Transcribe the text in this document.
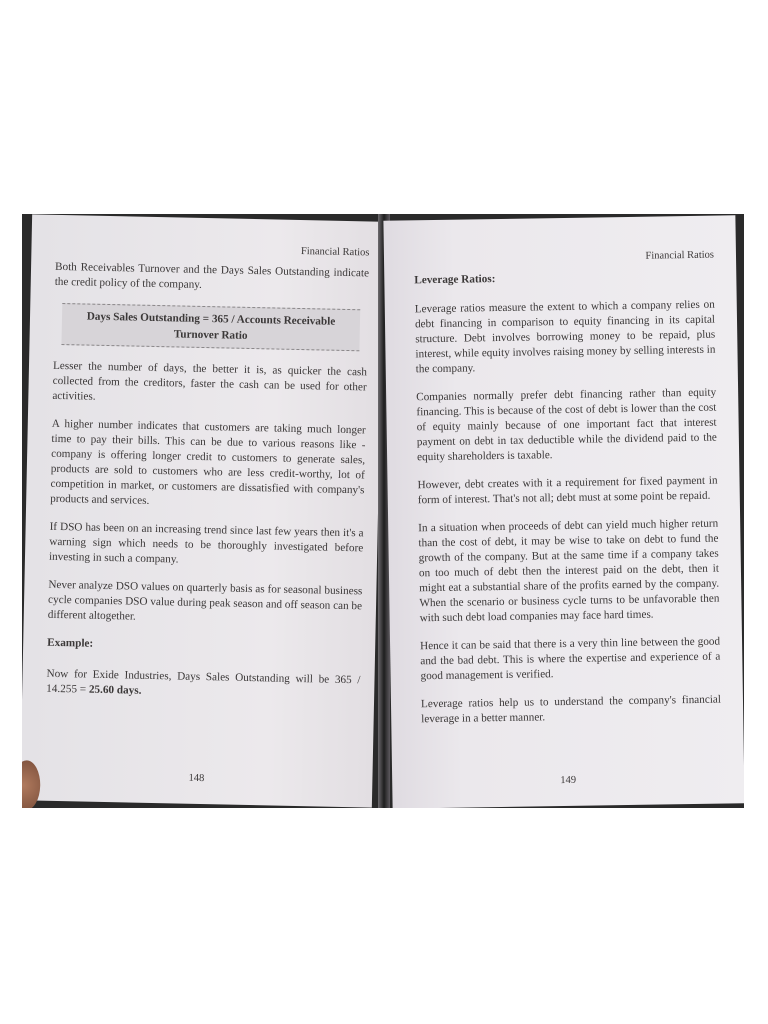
Financial Ratios

Both Receivables Turnover and the Days Sales Outstanding indicate the credit policy of the company.

Days Sales Outstanding = 365 / Accounts Receivable Turnover Ratio

Lesser the number of days, the better it is, as quicker the cash collected from the creditors, faster the cash can be used for other activities.

A higher number indicates that customers are taking much longer time to pay their bills. This can be due to various reasons like - company is offering longer credit to customers to generate sales, products are sold to customers who are less credit-worthy, lot of competition in market, or customers are dissatisfied with company's products and services.

If DSO has been on an increasing trend since last few years then it's a warning sign which needs to be thoroughly investigated before investing in such a company.

Never analyze DSO values on quarterly basis as for seasonal business cycle companies DSO value during peak season and off season can be different altogether.

Example:

Now for Exide Industries, Days Sales Outstanding will be 365 / 14.255 = 25.60 days.

148
Financial Ratios
Leverage Ratios:

Leverage ratios measure the extent to which a company relies on debt financing in comparison to equity financing in its capital structure. Debt involves borrowing money to be repaid, plus interest, while equity involves raising money by selling interests in the company.

Companies normally prefer debt financing rather than equity financing. This is because of the cost of debt is lower than the cost of equity mainly because of one important fact that interest payment on debt in tax deductible while the dividend paid to the equity shareholders is taxable.

However, debt creates with it a requirement for fixed payment in form of interest. That's not all; debt must at some point be repaid.

In a situation when proceeds of debt can yield much higher return than the cost of debt, it may be wise to take on debt to fund the growth of the company. But at the same time if a company takes on too much of debt then the interest paid on the debt, then it might eat a substantial share of the profits earned by the company. When the scenario or business cycle turns to be unfavorable then with such debt load companies may face hard times.

Hence it can be said that there is a very thin line between the good and the bad debt. This is where the expertise and experience of a good management is verified.

Leverage ratios help us to understand the company's financial leverage in a better manner.

149
